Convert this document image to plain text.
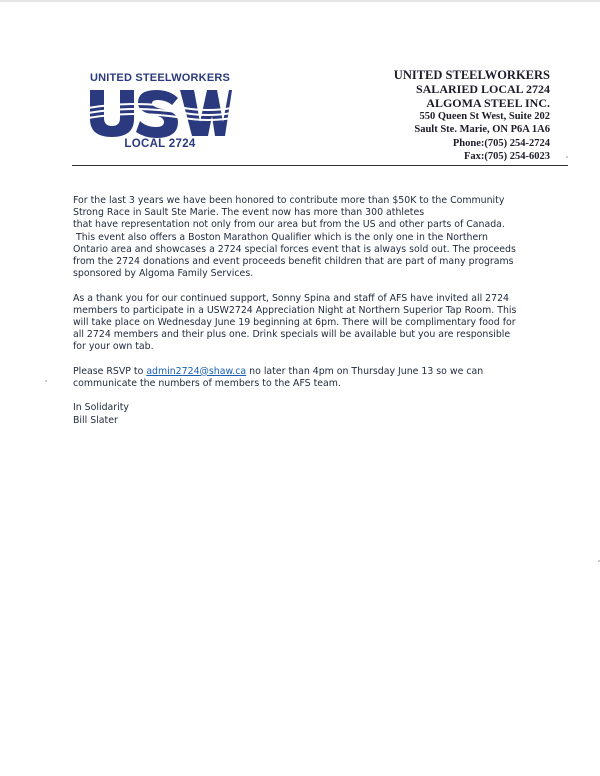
UNITED STEELWORKERS
LOCAL 2724
UNITED STEELWORKERS
SALARIED LOCAL 2724
ALGOMA STEEL INC.
550 Queen St West, Suite 202
Sault Ste. Marie, ON P6A 1A6
Phone:(705) 254-2724
Fax:(705) 254-6023
For the last 3 years we have been honored to contribute more than $50K to the Community
Strong Race in Sault Ste Marie. The event now has more than 300 athletes
that have representation not only from our area but from the US and other parts of Canada.
This event also offers a Boston Marathon Qualifier which is the only one in the Northern
Ontario area and showcases a 2724 special forces event that is always sold out. The proceeds
from the 2724 donations and event proceeds benefit children that are part of many programs
sponsored by Algoma Family Services.
As a thank you for our continued support, Sonny Spina and staff of AFS have invited all 2724
members to participate in a USW2724 Appreciation Night at Northern Superior Tap Room. This
will take place on Wednesday June 19 beginning at 6pm. There will be complimentary food for
all 2724 members and their plus one. Drink specials will be available but you are responsible
for your own tab.
Please RSVP to admin2724@shaw.ca no later than 4pm on Thursday June 13 so we can
communicate the numbers of members to the AFS team.
In Solidarity
Bill Slater
